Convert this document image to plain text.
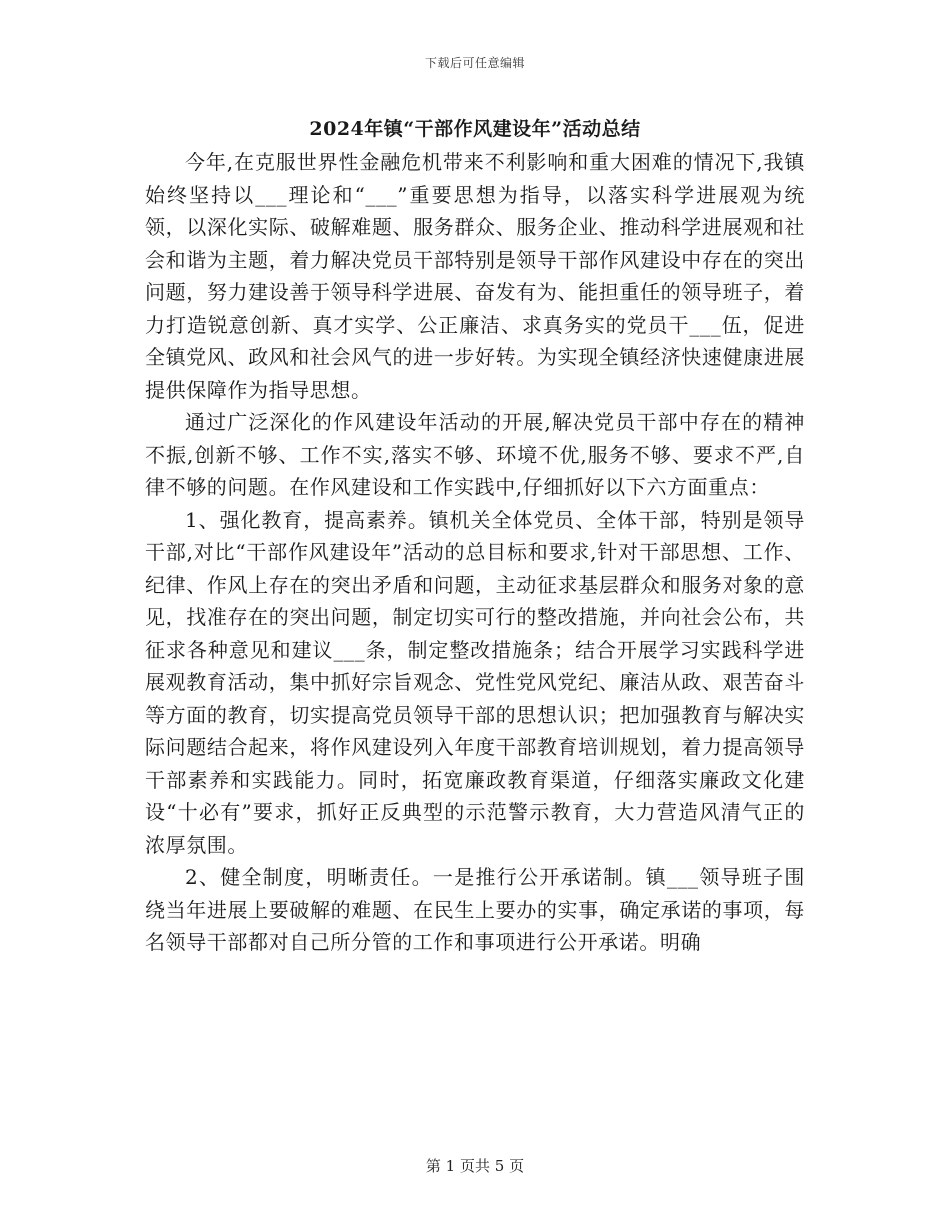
下载后可任意编辑
2024年镇“干部作风建设年”活动总结

今年,在克服世界性金融危机带来不利影响和重大困难的情况下,我镇始终坚持以___理论和“___”重要思想为指导，以落实科学进展观为统领，以深化实际、破解难题、服务群众、服务企业、推动科学进展观和社会和谐为主题，着力解决党员干部特别是领导干部作风建设中存在的突出问题，努力建设善于领导科学进展、奋发有为、能担重任的领导班子，着力打造锐意创新、真才实学、公正廉洁、求真务实的党员干___伍，促进全镇党风、政风和社会风气的进一步好转。为实现全镇经济快速健康进展提供保障作为指导思想。

通过广泛深化的作风建设年活动的开展,解决党员干部中存在的精神不振,创新不够、工作不实,落实不够、环境不优,服务不够、要求不严,自律不够的问题。在作风建设和工作实践中,仔细抓好以下六方面重点：

1、强化教育，提高素养。镇机关全体党员、全体干部，特别是领导干部,对比“干部作风建设年”活动的总目标和要求,针对干部思想、工作、纪律、作风上存在的突出矛盾和问题，主动征求基层群众和服务对象的意见，找准存在的突出问题，制定切实可行的整改措施，并向社会公布，共征求各种意见和建议___条，制定整改措施条；结合开展学习实践科学进展观教育活动，集中抓好宗旨观念、党性党风党纪、廉洁从政、艰苦奋斗等方面的教育，切实提高党员领导干部的思想认识；把加强教育与解决实际问题结合起来，将作风建设列入年度干部教育培训规划，着力提高领导干部素养和实践能力。同时，拓宽廉政教育渠道，仔细落实廉政文化建设“十必有”要求，抓好正反典型的示范警示教育，大力营造风清气正的浓厚氛围。

2、健全制度，明晰责任。一是推行公开承诺制。镇___领导班子围绕当年进展上要破解的难题、在民生上要办的实事，确定承诺的事项，每名领导干部都对自己所分管的工作和事项进行公开承诺。明确

第 1 页共 5 页
